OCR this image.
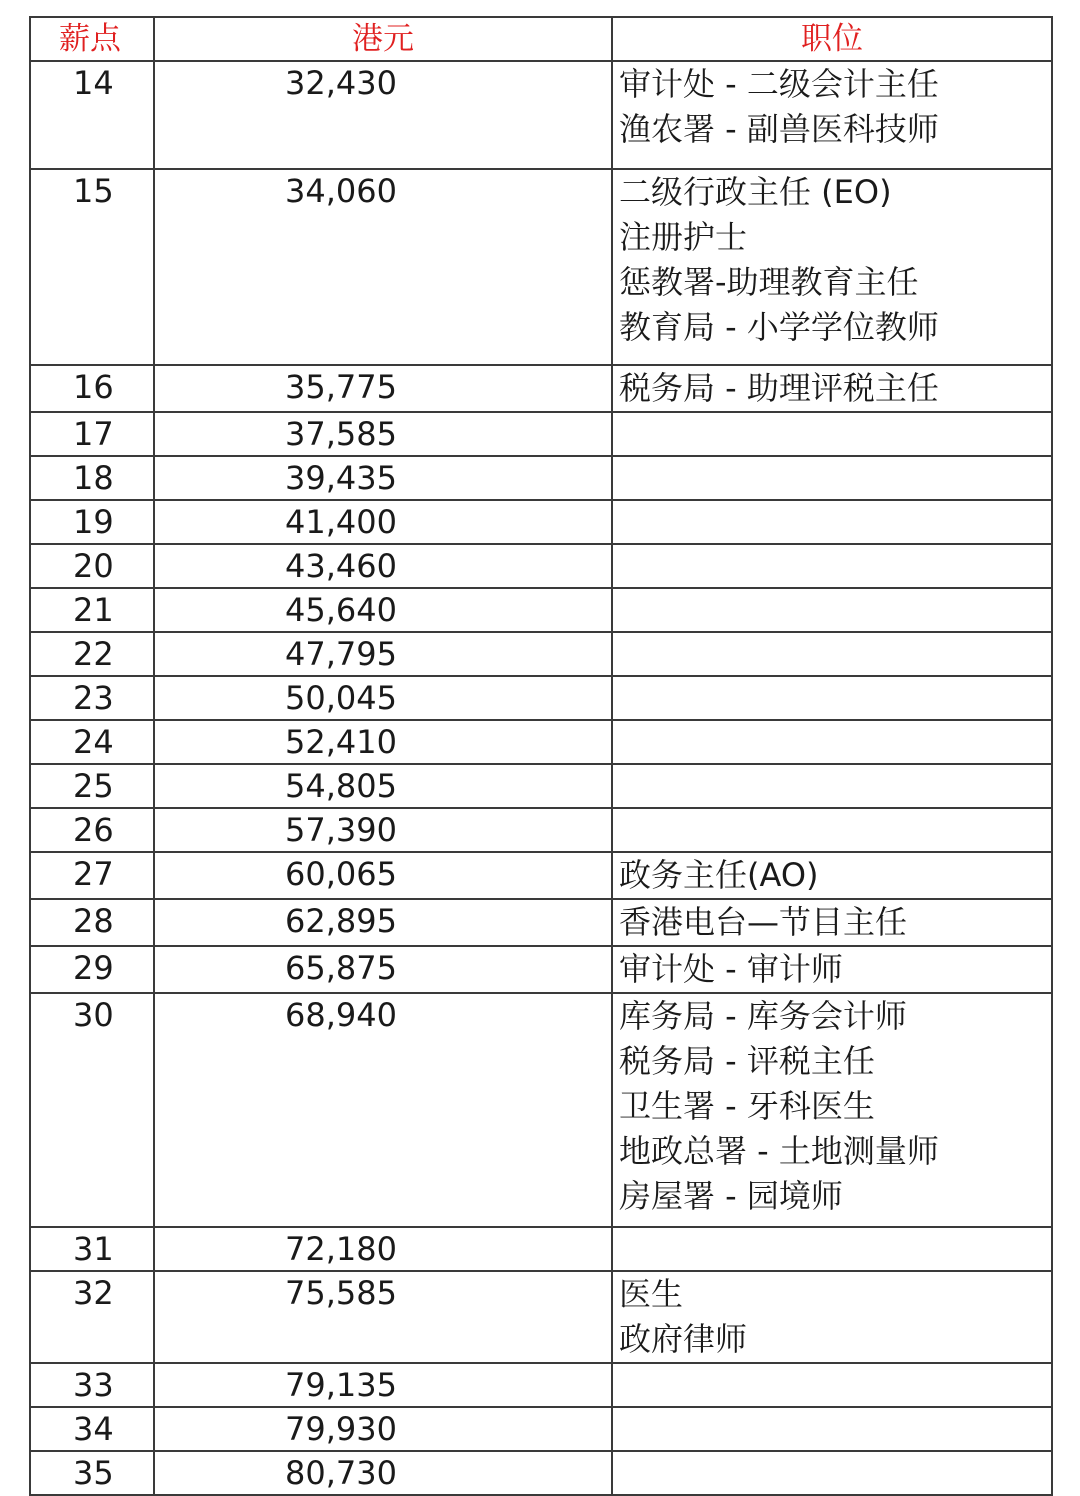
薪点	港元	职位
14	32,430	审计处 - 二级会计主任
渔农署 - 副兽医科技师

15	34,060	二级行政主任 (EO)
注册护士
惩教署-助理教育主任
教育局 - 小学学位教师

16	35,775	税务局 - 助理评税主任

17	37,585	
18	39,435	
19	41,400	
20	43,460	
21	45,640	
22	47,795	
23	50,045	
24	52,410	
25	54,805	
26	57,390	
27	60,065	政务主任(AO)

28	62,895	香港电台—节目主任

29	65,875	审计处 - 审计师

30	68,940	库务局 - 库务会计师
税务局 - 评税主任
卫生署 - 牙科医生
地政总署 - 土地测量师
房屋署 - 园境师

31	72,180	
32	75,585	医生
政府律师

33	79,135	
34	79,930	
35	80,730	
